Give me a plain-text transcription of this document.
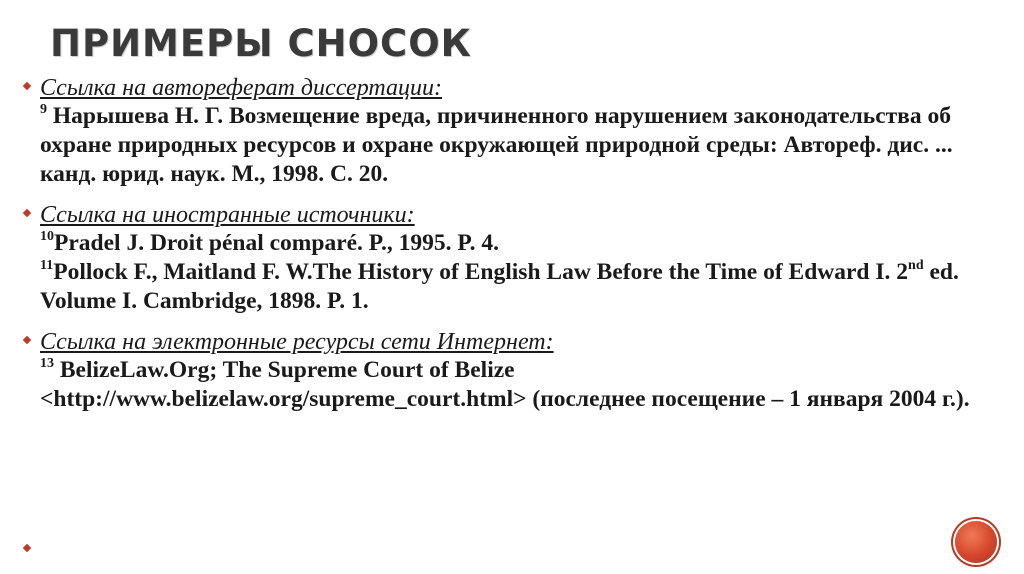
ПРИМЕРЫ СНОСОК
Ссылка на автореферат диссертации:
$^9$ Нарышева Н. Г. Возмещение вреда, причиненного нарушением законодательства об охране природных ресурсов и охране окружающей природной среды: Автореф. дис. ... канд. юрид. наук. М., 1998. С. 20.
Ссылка на иностранные источники:
$^{10}$Pradel J. Droit pénal comparé. P., 1995. P. 4.
$^{11}$Pollock F., Maitland F. W.The History of English Law Before the Time of Edward I. 2nd ed. Volume I. Cambridge, 1898. P. 1.
Ссылка на электронные ресурсы сети Интернет:
$^{13}$ BelizeLaw.Org; The Supreme Court of Belize <http://www.belizelaw.org/supreme_court.html> (последнее посещение – 1 января 2004 г.).
